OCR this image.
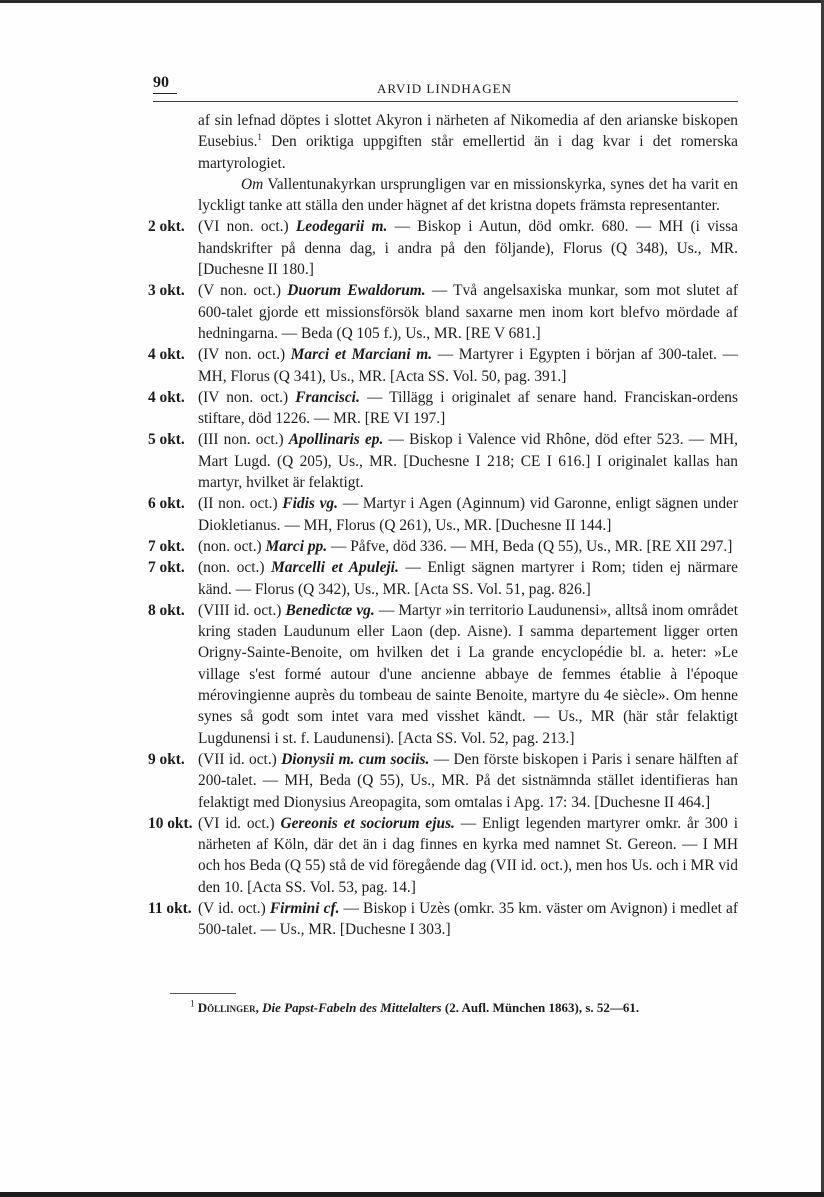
90	ARVID LINDHAGEN

af sin lefnad döptes i slottet Akyron i närheten af Nikomedia af den arianske biskopen Eusebius.$^1$ Den oriktiga uppgiften står emellertid än i dag kvar i det romerska martyrologiet.

Om Vallentunakyrkan ursprungligen var en missionskyrka, synes det ha varit en lyckligt tanke att ställa den under hägnet af det kristna dopets främsta representanter.

2 okt. (VI non. oct.) Leodegarii m. — Biskop i Autun, död omkr. 680. — MH (i vissa handskrifter på denna dag, i andra på den följande), Florus (Q 348), Us., MR. [Duchesne II 180.]

3 okt. (V non. oct.) Duorum Ewaldorum. — Två angelsaxiska munkar, som mot slutet af 600-talet gjorde ett missionsförsök bland saxarne men inom kort blefvo mördade af hedningarna. — Beda (Q 105 f.), Us., MR. [RE V 681.]

4 okt. (IV non. oct.) Marci et Marciani m. — Martyrer i Egypten i början af 300-talet. — MH, Florus (Q 341), Us., MR. [Acta SS. Vol. 50, pag. 391.]

4 okt. (IV non. oct.) Francisci. — Tillägg i originalet af senare hand. Franciskan-ordens stiftare, död 1226. — MR. [RE VI 197.]

5 okt. (III non. oct.) Apollinaris ep. — Biskop i Valence vid Rhône, död efter 523. — MH, Mart Lugd. (Q 205), Us., MR. [Duchesne I 218; CE I 616.] I originalet kallas han martyr, hvilket är felaktigt.

6 okt. (II non. oct.) Fidis vg. — Martyr i Agen (Aginnum) vid Garonne, enligt sägnen under Diokletianus. — MH, Florus (Q 261), Us., MR. [Duchesne II 144.]

7 okt. (non. oct.) Marci pp. — Påfve, död 336. — MH, Beda (Q 55), Us., MR. [RE XII 297.]

7 okt. (non. oct.) Marcelli et Apuleji. — Enligt sägnen martyrer i Rom; tiden ej närmare känd. — Florus (Q 342), Us., MR. [Acta SS. Vol. 51, pag. 826.]

8 okt. (VIII id. oct.) Benedictæ vg. — Martyr »in territorio Laudunensi», alltså inom området kring staden Laudunum eller Laon (dep. Aisne). I samma departement ligger orten Origny-Sainte-Benoite, om hvilken det i La grande encyclopédie bl. a. heter: »Le village s'est formé autour d'une ancienne abbaye de femmes établie à l'époque mérovingienne auprès du tombeau de sainte Benoite, martyre du 4e siècle». Om henne synes så godt som intet vara med visshet kändt. — Us., MR (här står felaktigt Lugdunensi i st. f. Laudunensi). [Acta SS. Vol. 52, pag. 213.]

9 okt. (VII id. oct.) Dionysii m. cum sociis. — Den förste biskopen i Paris i senare hälften af 200-talet. — MH, Beda (Q 55), Us., MR. På det sistnämnda stället identifieras han felaktigt med Dionysius Areopagita, som omtalas i Apg. 17: 34. [Duchesne II 464.]

10 okt. (VI id. oct.) Gereonis et sociorum ejus. — Enligt legenden martyrer omkr. år 300 i närheten af Köln, där det än i dag finnes en kyrka med namnet St. Gereon. — I MH och hos Beda (Q 55) stå de vid föregående dag (VII id. oct.), men hos Us. och i MR vid den 10. [Acta SS. Vol. 53, pag. 14.]

11 okt. (V id. oct.) Firmini cf. — Biskop i Uzès (omkr. 35 km. väster om Avignon) i medlet af 500-talet. — Us., MR. [Duchesne I 303.]

$^1$ Döllinger, Die Papst-Fabeln des Mittelalters (2. Aufl. München 1863), s. 52—61.
